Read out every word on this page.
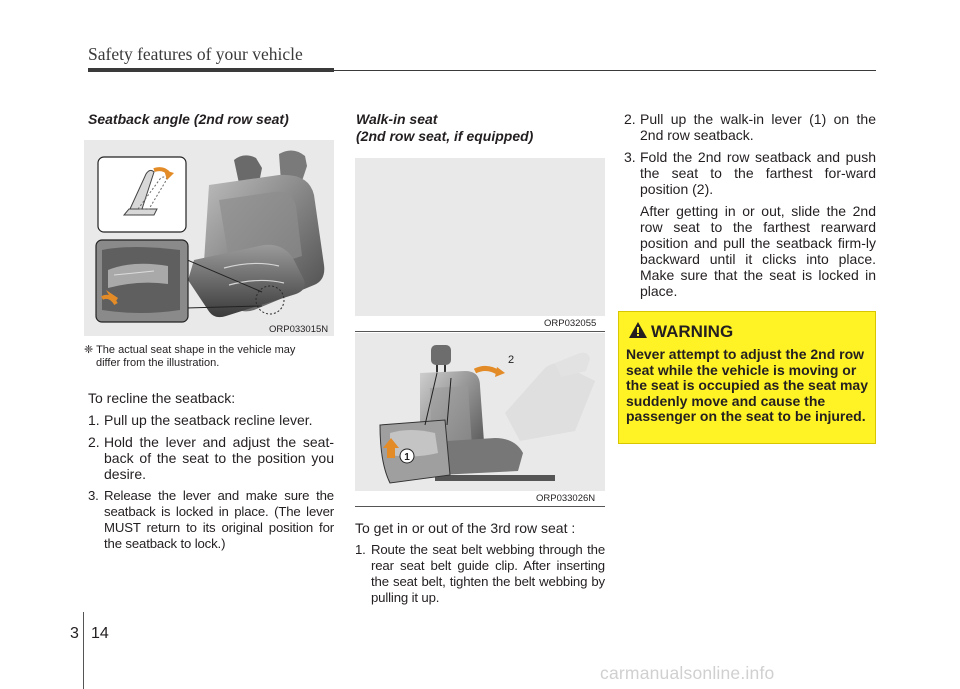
Safety features of your vehicle
Seatback angle (2nd row seat)
ORP033015N
❈ The actual seat shape in the vehicle may
differ from the illustration.

To recline the seatback:

1. Pull up the seatback recline lever.
2. Hold the lever and adjust the seat-back of the seat to the position you desire.
3. Release the lever and make sure the seatback is locked in place. (The lever MUST return to its original position for the seatback to lock.)
Walk-in seat
(2nd row seat, if equipped)
ORP032055
1
2
ORP033026N

To get in or out of the 3rd row seat :

1. Route the seat belt webbing through the rear seat belt guide clip. After inserting the seat belt, tighten the belt webbing by pulling it up.
2. Pull up the walk-in lever (1) on the 2nd row seatback.
3. Fold the 2nd row seatback and push the seat to the farthest for-ward position (2).

After getting in or out, slide the 2nd row seat to the farthest rearward position and pull the seatback firm-ly backward until it clicks into place. Make sure that the seat is locked in place.

WARNING
Never attempt to adjust the 2nd row seat while the vehicle is moving or the seat is occupied as the seat may suddenly move and cause the passenger on the seat to be injured.
3 14
carmanualsonline.info
